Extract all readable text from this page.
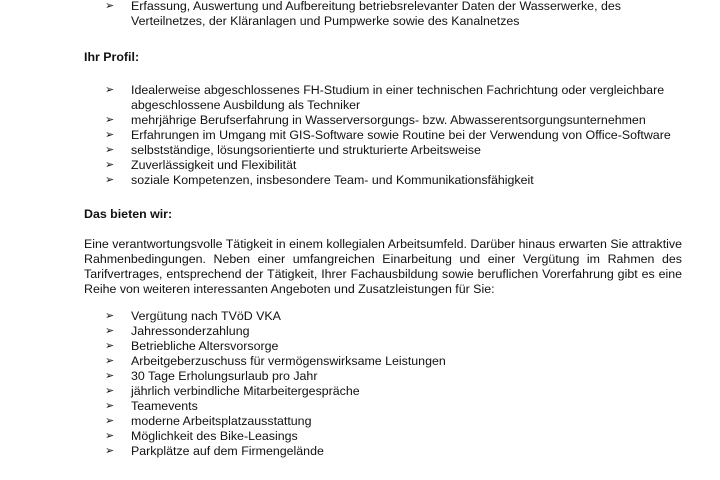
➢ Erfassung, Auswertung und Aufbereitung betriebsrelevanter Daten der Wasserwerke, des Verteilnetzes, der Kläranlagen und Pumpwerke sowie des Kanalnetzes
Ihr Profil:
➢ Idealerweise abgeschlossenes FH-Studium in einer technischen Fachrichtung oder vergleichbare abgeschlossene Ausbildung als Techniker
➢ mehrjährige Berufserfahrung in Wasserversorgungs- bzw. Abwasserentsorgungsunternehmen
➢ Erfahrungen im Umgang mit GIS-Software sowie Routine bei der Verwendung von Office-Software
➢ selbstständige, lösungsorientierte und strukturierte Arbeitsweise
➢ Zuverlässigkeit und Flexibilität
➢ soziale Kompetenzen, insbesondere Team- und Kommunikationsfähigkeit
Das bieten wir:

Eine verantwortungsvolle Tätigkeit in einem kollegialen Arbeitsumfeld. Darüber hinaus erwarten Sie attraktive
Rahmenbedingungen. Neben einer umfangreichen Einarbeitung und einer Vergütung im Rahmen des
Tarifvertrages, entsprechend der Tätigkeit, Ihrer Fachausbildung sowie beruflichen Vorerfahrung gibt es eine
Reihe von weiteren interessanten Angeboten und Zusatzleistungen für Sie:

➢ Vergütung nach TVöD VKA
➢ Jahressonderzahlung
➢ Betriebliche Altersvorsorge
➢ Arbeitgeberzuschuss für vermögenswirksame Leistungen
➢ 30 Tage Erholungsurlaub pro Jahr
➢ jährlich verbindliche Mitarbeitergespräche
➢ Teamevents
➢ moderne Arbeitsplatzausstattung
➢ Möglichkeit des Bike-Leasings
➢ Parkplätze auf dem Firmengelände
